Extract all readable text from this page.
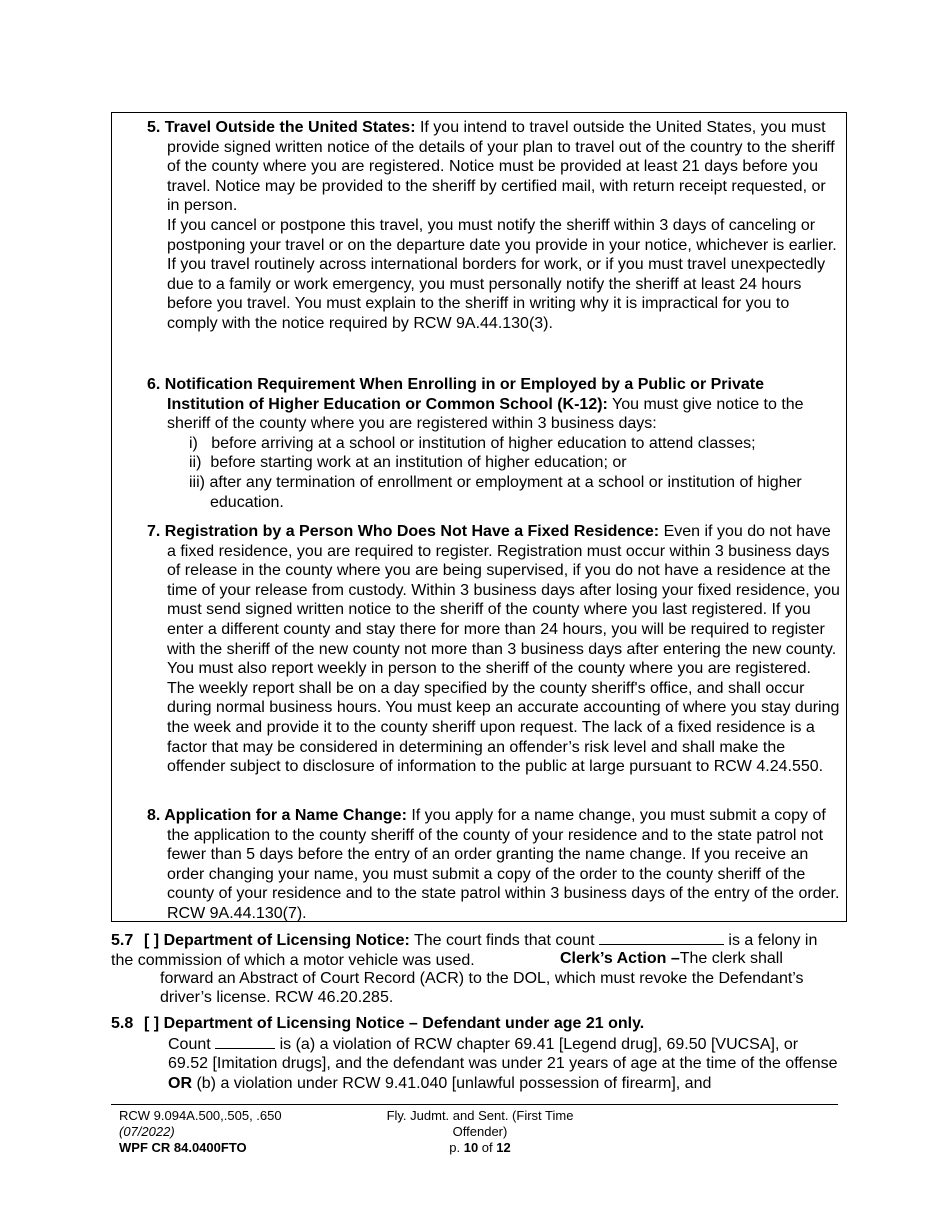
5. Travel Outside the United States: If you intend to travel outside the United States, you must provide signed written notice of the details of your plan to travel out of the country to the sheriff of the county where you are registered. Notice must be provided at least 21 days before you travel. Notice may be provided to the sheriff by certified mail, with return receipt requested, or in person.

If you cancel or postpone this travel, you must notify the sheriff within 3 days of canceling or postponing your travel or on the departure date you provide in your notice, whichever is earlier.

If you travel routinely across international borders for work, or if you must travel unexpectedly due to a family or work emergency, you must personally notify the sheriff at least 24 hours before you travel. You must explain to the sheriff in writing why it is impractical for you to comply with the notice required by RCW 9A.44.130(3).

6. Notification Requirement When Enrolling in or Employed by a Public or Private Institution of Higher Education or Common School (K-12): You must give notice to the sheriff of the county where you are registered within 3 business days:

i) before arriving at a school or institution of higher education to attend classes;
ii) before starting work at an institution of higher education; or
iii) after any termination of enrollment or employment at a school or institution of higher education.

7. Registration by a Person Who Does Not Have a Fixed Residence: Even if you do not have a fixed residence, you are required to register. Registration must occur within 3 business days of release in the county where you are being supervised, if you do not have a residence at the time of your release from custody. Within 3 business days after losing your fixed residence, you must send signed written notice to the sheriff of the county where you last registered. If you enter a different county and stay there for more than 24 hours, you will be required to register with the sheriff of the new county not more than 3 business days after entering the new county. You must also report weekly in person to the sheriff of the county where you are registered. The weekly report shall be on a day specified by the county sheriff's office, and shall occur during normal business hours. You must keep an accurate accounting of where you stay during the week and provide it to the county sheriff upon request. The lack of a fixed residence is a factor that may be considered in determining an offender’s risk level and shall make the offender subject to disclosure of information to the public at large pursuant to RCW 4.24.550.

8. Application for a Name Change: If you apply for a name change, you must submit a copy of the application to the county sheriff of the county of your residence and to the state patrol not fewer than 5 days before the entry of an order granting the name change. If you receive an order changing your name, you must submit a copy of the order to the county sheriff of the county of your residence and to the state patrol within 3 business days of the entry of the order. RCW 9A.44.130(7).

5.7 [ ] Department of Licensing Notice: The court finds that count	is a felony in the commission of which a motor vehicle was used.	Clerk’s Action –The clerk shall forward an Abstract of Court Record (ACR) to the DOL, which must revoke the Defendant’s driver’s license. RCW 46.20.285.
5.8 [ ] Department of Licensing Notice – Defendant under age 21 only.
Count	is (a) a violation of RCW chapter 69.41 [Legend drug], 69.50 [VUCSA], or 69.52 [Imitation drugs], and the defendant was under 21 years of age at the time of the offense OR (b) a violation under RCW 9.41.040 [unlawful possession of firearm], and
RCW 9.094A.500,.505, .650
(07/2022)
WPF CR 84.0400FTO
Fly. Judmt. and Sent. (First Time
Offender)
p. 10 of 12
